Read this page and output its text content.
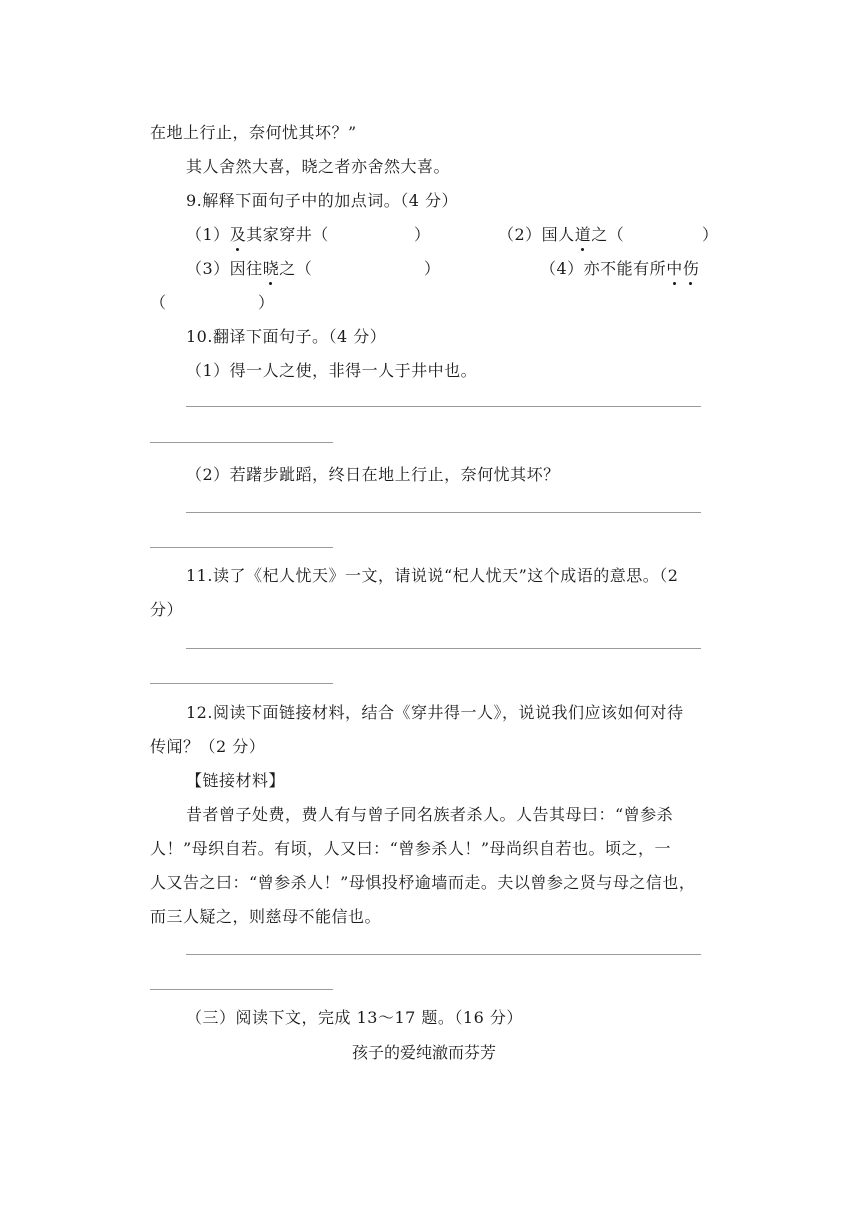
在地上行止，奈何忧其坏？”
其人舍然大喜，晓之者亦舍然大喜。
9.解释下面句子中的加点词。（4 分）
（1）及其家穿井（	）	（2）国人道之（	）
（3）因往晓之（	）	（4）亦不能有所中伤
（	）
10.翻译下面句子。（4 分）
（1）得一人之使，非得一人于井中也。
（2）若躇步跐蹈，终日在地上行止，奈何忧其坏？
11.读了《杞人忧天》一文，请说说“杞人忧天”这个成语的意思。（2
分）
12.阅读下面链接材料，结合《穿井得一人》，说说我们应该如何对待
传闻？（2 分）
【链接材料】
昔者曾子处费，费人有与曾子同名族者杀人。人告其母曰：“曾参杀
人！”母织自若。有顷，人又曰：“曾参杀人！”母尚织自若也。顷之，一
人又告之曰：“曾参杀人！”母惧投杼逾墙而走。夫以曾参之贤与母之信也，
而三人疑之，则慈母不能信也。
（三）阅读下文，完成 13～17 题。（16 分）
孩子的爱纯澈而芬芳
